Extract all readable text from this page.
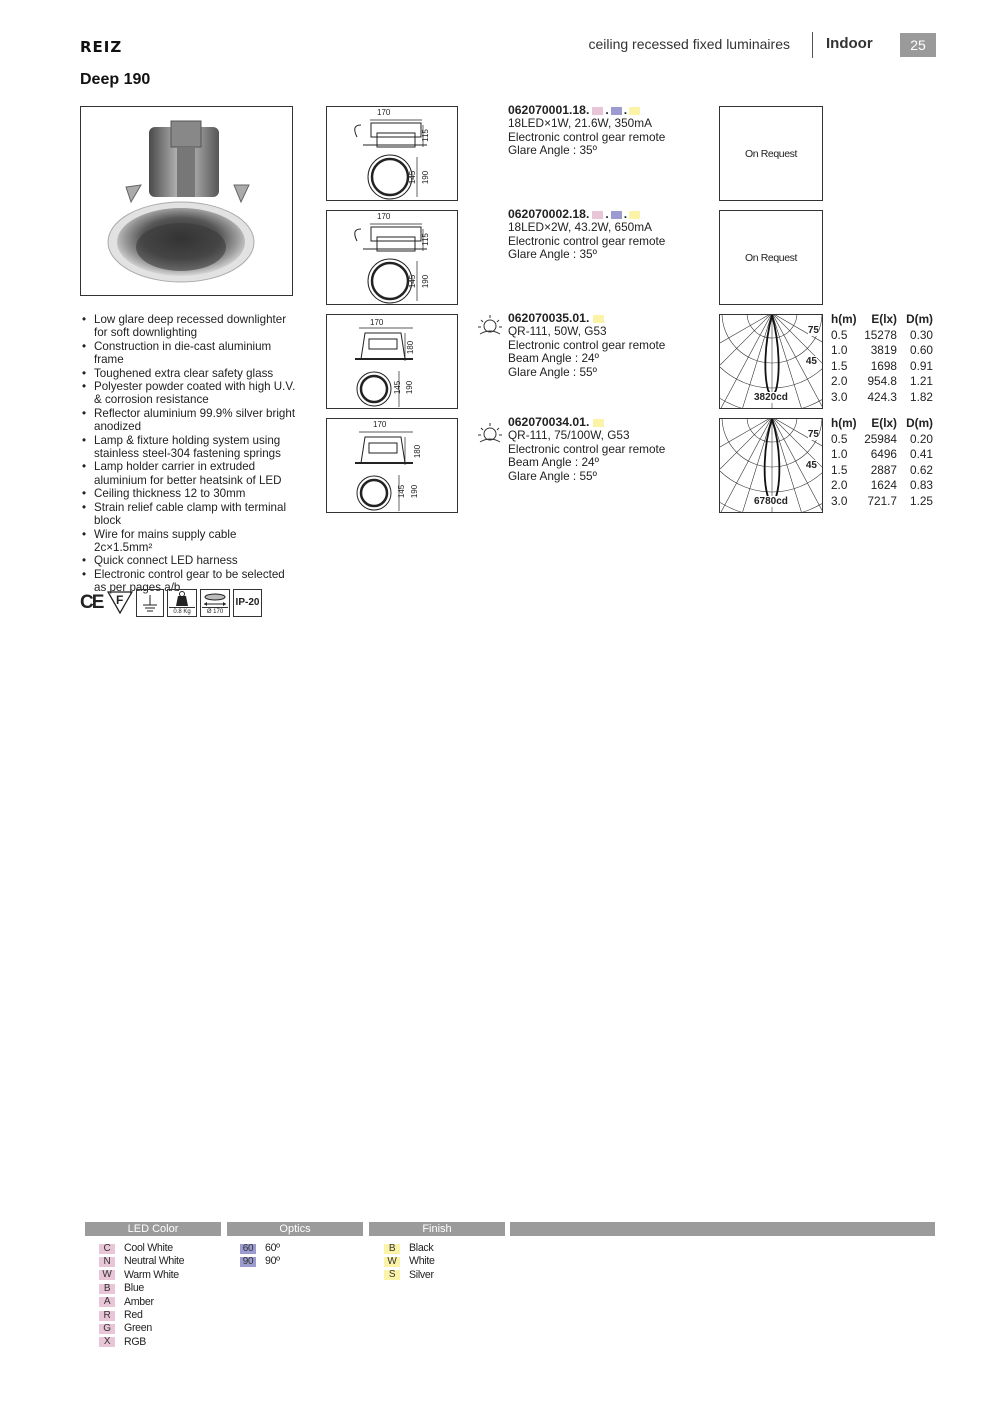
REIZ	ceiling recessed fixed luminaires Indoor	25
Deep 190
• Low glare deep recessed downlighter for soft downlighting
• Construction in die-cast aluminium frame
• Toughened extra clear safety glass
• Polyester powder coated with high U.V. & corrosion resistance
• Reflector aluminium 99.9% silver bright anodized
• Lamp & fixture holding system using stainless steel-304 fastening springs
• Lamp holder carrier in extruded aluminium for better heatsink of LED
• Ceiling thickness 12 to 30mm
• Strain relief cable clamp with terminal block
• Wire for mains supply cable 2c×1.5mm²
• Quick connect LED harness
• Electronic control gear to be selected as per pages a/b
CE F
0.8 Kg	Ø 170
IP-20
170
115
145 190
170
115
145 190
170
180
145 190
170
180
145 190
062070001.18. . .
18LED×1W, 21.6W, 350mA
Electronic control gear remote
Glare Angle : 35º
062070002.18. . .
18LED×2W, 43.2W, 650mA
Electronic control gear remote
Glare Angle : 35º
062070035.01.
QR-111, 50W, G53
Electronic control gear remote
Beam Angle : 24º
Glare Angle : 55º
062070034.01.
QR-111, 75/100W, G53
Electronic control gear remote
Beam Angle : 24º
Glare Angle : 55º
On Request
On Request
75
45
3820cd
75
45
6780cd
h(m)	E(lx)	D(m)
0.5	15278	0.30
1.0	3819	0.60
1.5	1698	0.91
2.0	954.8	1.21
3.0	424.3	1.82
h(m)	E(lx)	D(m)
0.5	25984	0.20
1.0	6496	0.41
1.5	2887	0.62
2.0	1624	0.83
3.0	721.7	1.25
LED Color	Optics	Finish
C	Cool White
N	Neutral White
W	Warm White
B	Blue
A	Amber
R	Red
G	Green
X	RGB
60 60º
90 90º
B	Black
W	White
S	Silver
